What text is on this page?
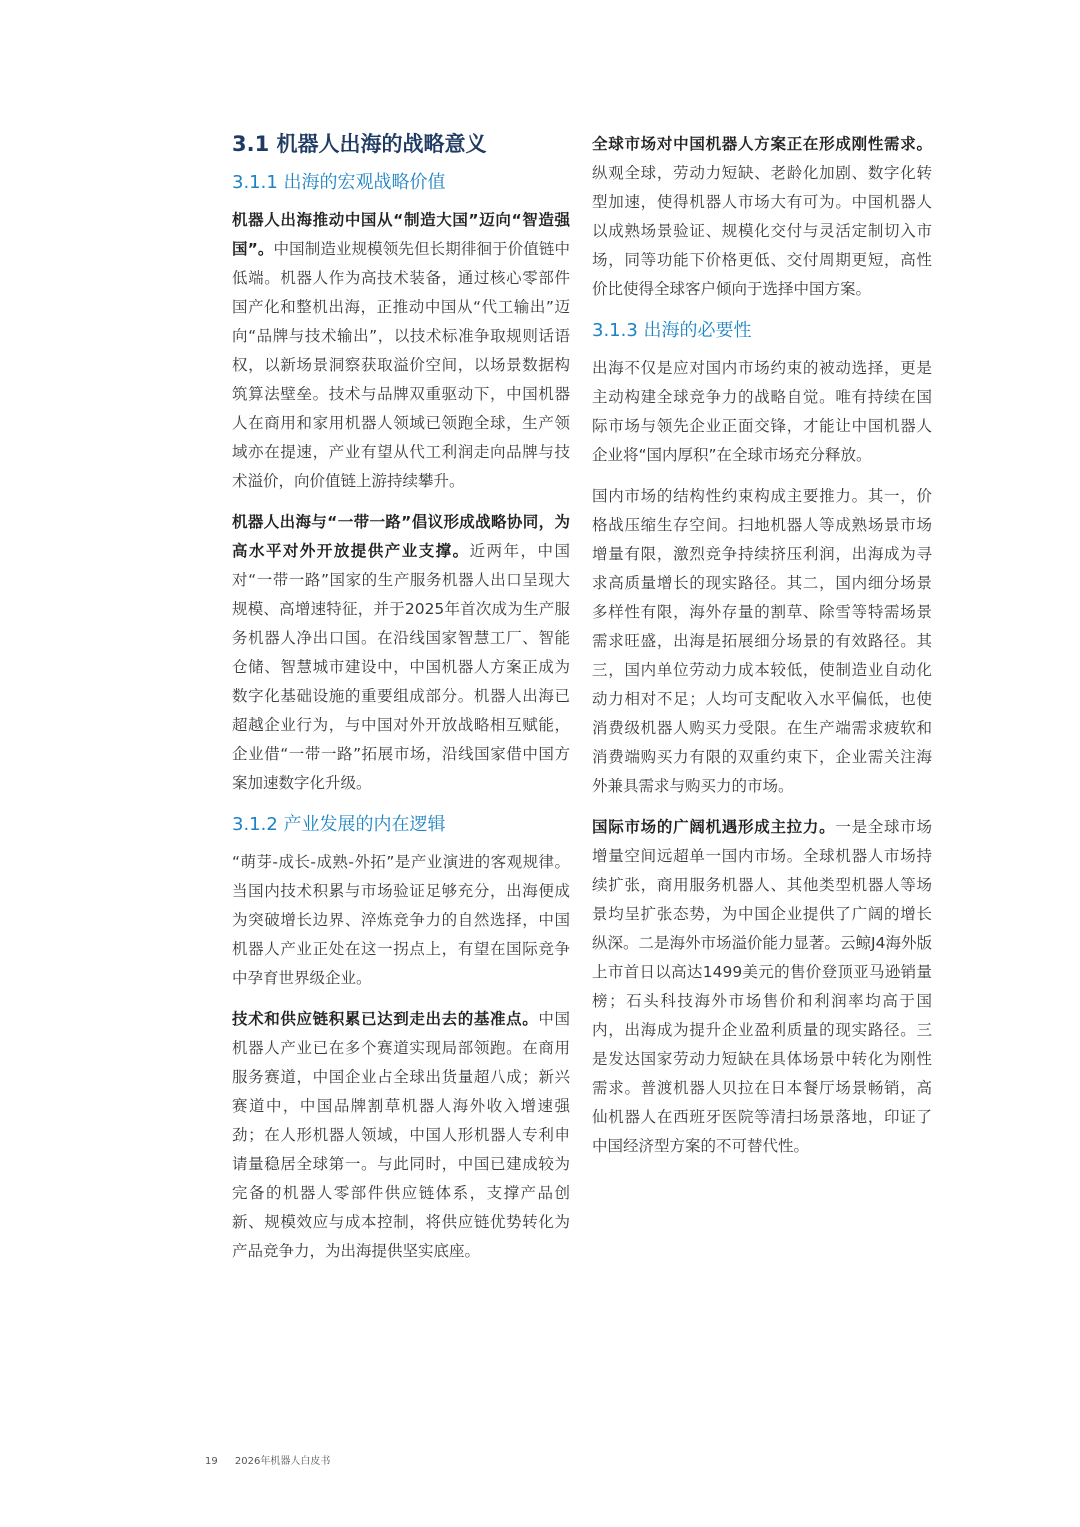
3.1 机器人出海的战略意义
3.1.1 出海的宏观战略价值

机器人出海推动中国从“制造大国”迈向“智造强国”。中国制造业规模领先但长期徘徊于价值链中低端。机器人作为高技术装备，通过核心零部件国产化和整机出海，正推动中国从“代工输出”迈向“品牌与技术输出”，以技术标准争取规则话语权，以新场景洞察获取溢价空间，以场景数据构筑算法壁垒。技术与品牌双重驱动下，中国机器人在商用和家用机器人领域已领跑全球，生产领域亦在提速，产业有望从代工利润走向品牌与技术溢价，向价值链上游持续攀升。

机器人出海与“一带一路”倡议形成战略协同，为高水平对外开放提供产业支撑。近两年，中国对“一带一路”国家的生产服务机器人出口呈现大规模、高增速特征，并于2025年首次成为生产服务机器人净出口国。在沿线国家智慧工厂、智能仓储、智慧城市建设中，中国机器人方案正成为数字化基础设施的重要组成部分。机器人出海已超越企业行为，与中国对外开放战略相互赋能，企业借“一带一路”拓展市场，沿线国家借中国方案加速数字化升级。

3.1.2 产业发展的内在逻辑

“萌芽-成长-成熟-外拓”是产业演进的客观规律。当国内技术积累与市场验证足够充分，出海便成为突破增长边界、淬炼竞争力的自然选择，中国机器人产业正处在这一拐点上，有望在国际竞争中孕育世界级企业。

技术和供应链积累已达到走出去的基准点。中国机器人产业已在多个赛道实现局部领跑。在商用服务赛道，中国企业占全球出货量超八成；新兴赛道中，中国品牌割草机器人海外收入增速强劲；在人形机器人领域，中国人形机器人专利申请量稳居全球第一。与此同时，中国已建成较为完备的机器人零部件供应链体系，支撑产品创新、规模效应与成本控制，将供应链优势转化为产品竞争力，为出海提供坚实底座。

全球市场对中国机器人方案正在形成刚性需求。纵观全球，劳动力短缺、老龄化加剧、数字化转型加速，使得机器人市场大有可为。中国机器人以成熟场景验证、规模化交付与灵活定制切入市场，同等功能下价格更低、交付周期更短，高性价比使得全球客户倾向于选择中国方案。

3.1.3 出海的必要性

出海不仅是应对国内市场约束的被动选择，更是主动构建全球竞争力的战略自觉。唯有持续在国际市场与领先企业正面交锋，才能让中国机器人企业将“国内厚积”在全球市场充分释放。

国内市场的结构性约束构成主要推力。其一，价格战压缩生存空间。扫地机器人等成熟场景市场增量有限，激烈竞争持续挤压利润，出海成为寻求高质量增长的现实路径。其二，国内细分场景多样性有限，海外存量的割草、除雪等特需场景需求旺盛，出海是拓展细分场景的有效路径。其三，国内单位劳动力成本较低，使制造业自动化动力相对不足；人均可支配收入水平偏低，也使消费级机器人购买力受限。在生产端需求疲软和消费端购买力有限的双重约束下，企业需关注海外兼具需求与购买力的市场。

国际市场的广阔机遇形成主拉力。一是全球市场增量空间远超单一国内市场。全球机器人市场持续扩张，商用服务机器人、其他类型机器人等场景均呈扩张态势，为中国企业提供了广阔的增长纵深。二是海外市场溢价能力显著。云鲸J4海外版上市首日以高达1499美元的售价登顶亚马逊销量榜；石头科技海外市场售价和利润率均高于国内，出海成为提升企业盈利质量的现实路径。三是发达国家劳动力短缺在具体场景中转化为刚性需求。普渡机器人贝拉在日本餐厅场景畅销，高仙机器人在西班牙医院等清扫场景落地，印证了中国经济型方案的不可替代性。

19 2026年机器人白皮书
